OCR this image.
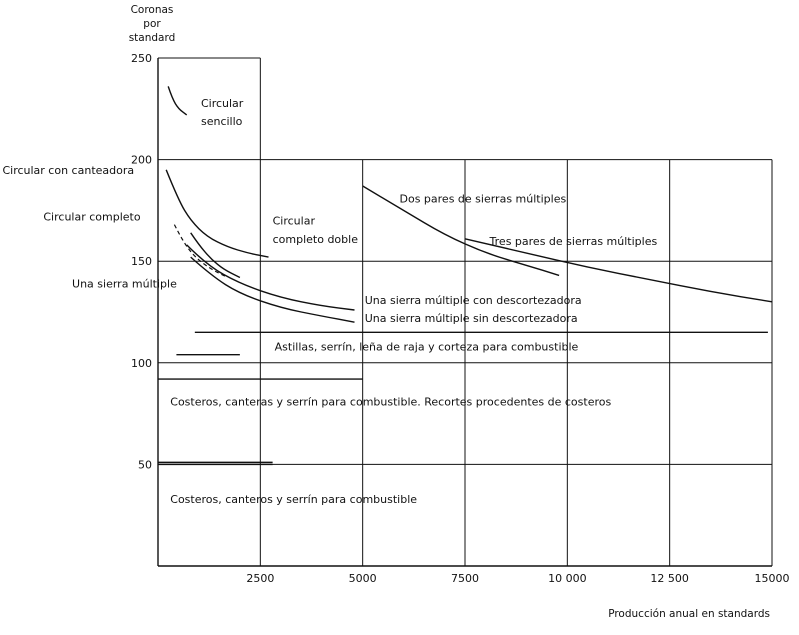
50
100
150
200
250
2500	5000	7500	10 000	12 500	15000
Circular
sencillo
Circular con canteadora
Circular completo	Circular
completo doble
Una sierra múltiple
Una sierra múltiple con descortezadora
Una sierra múltiple sin descortezadora
Dos pares de sierras múltiples
Tres pares de sierras múltiples
Astillas, serrín, leña de raja y corteza para combustible
Costeros, canteras y serrín para combustible. Recortes procedentes de costeros
Costeros, canteros y serrín para combustible
Coronas
por
standard
Producción anual en standards
